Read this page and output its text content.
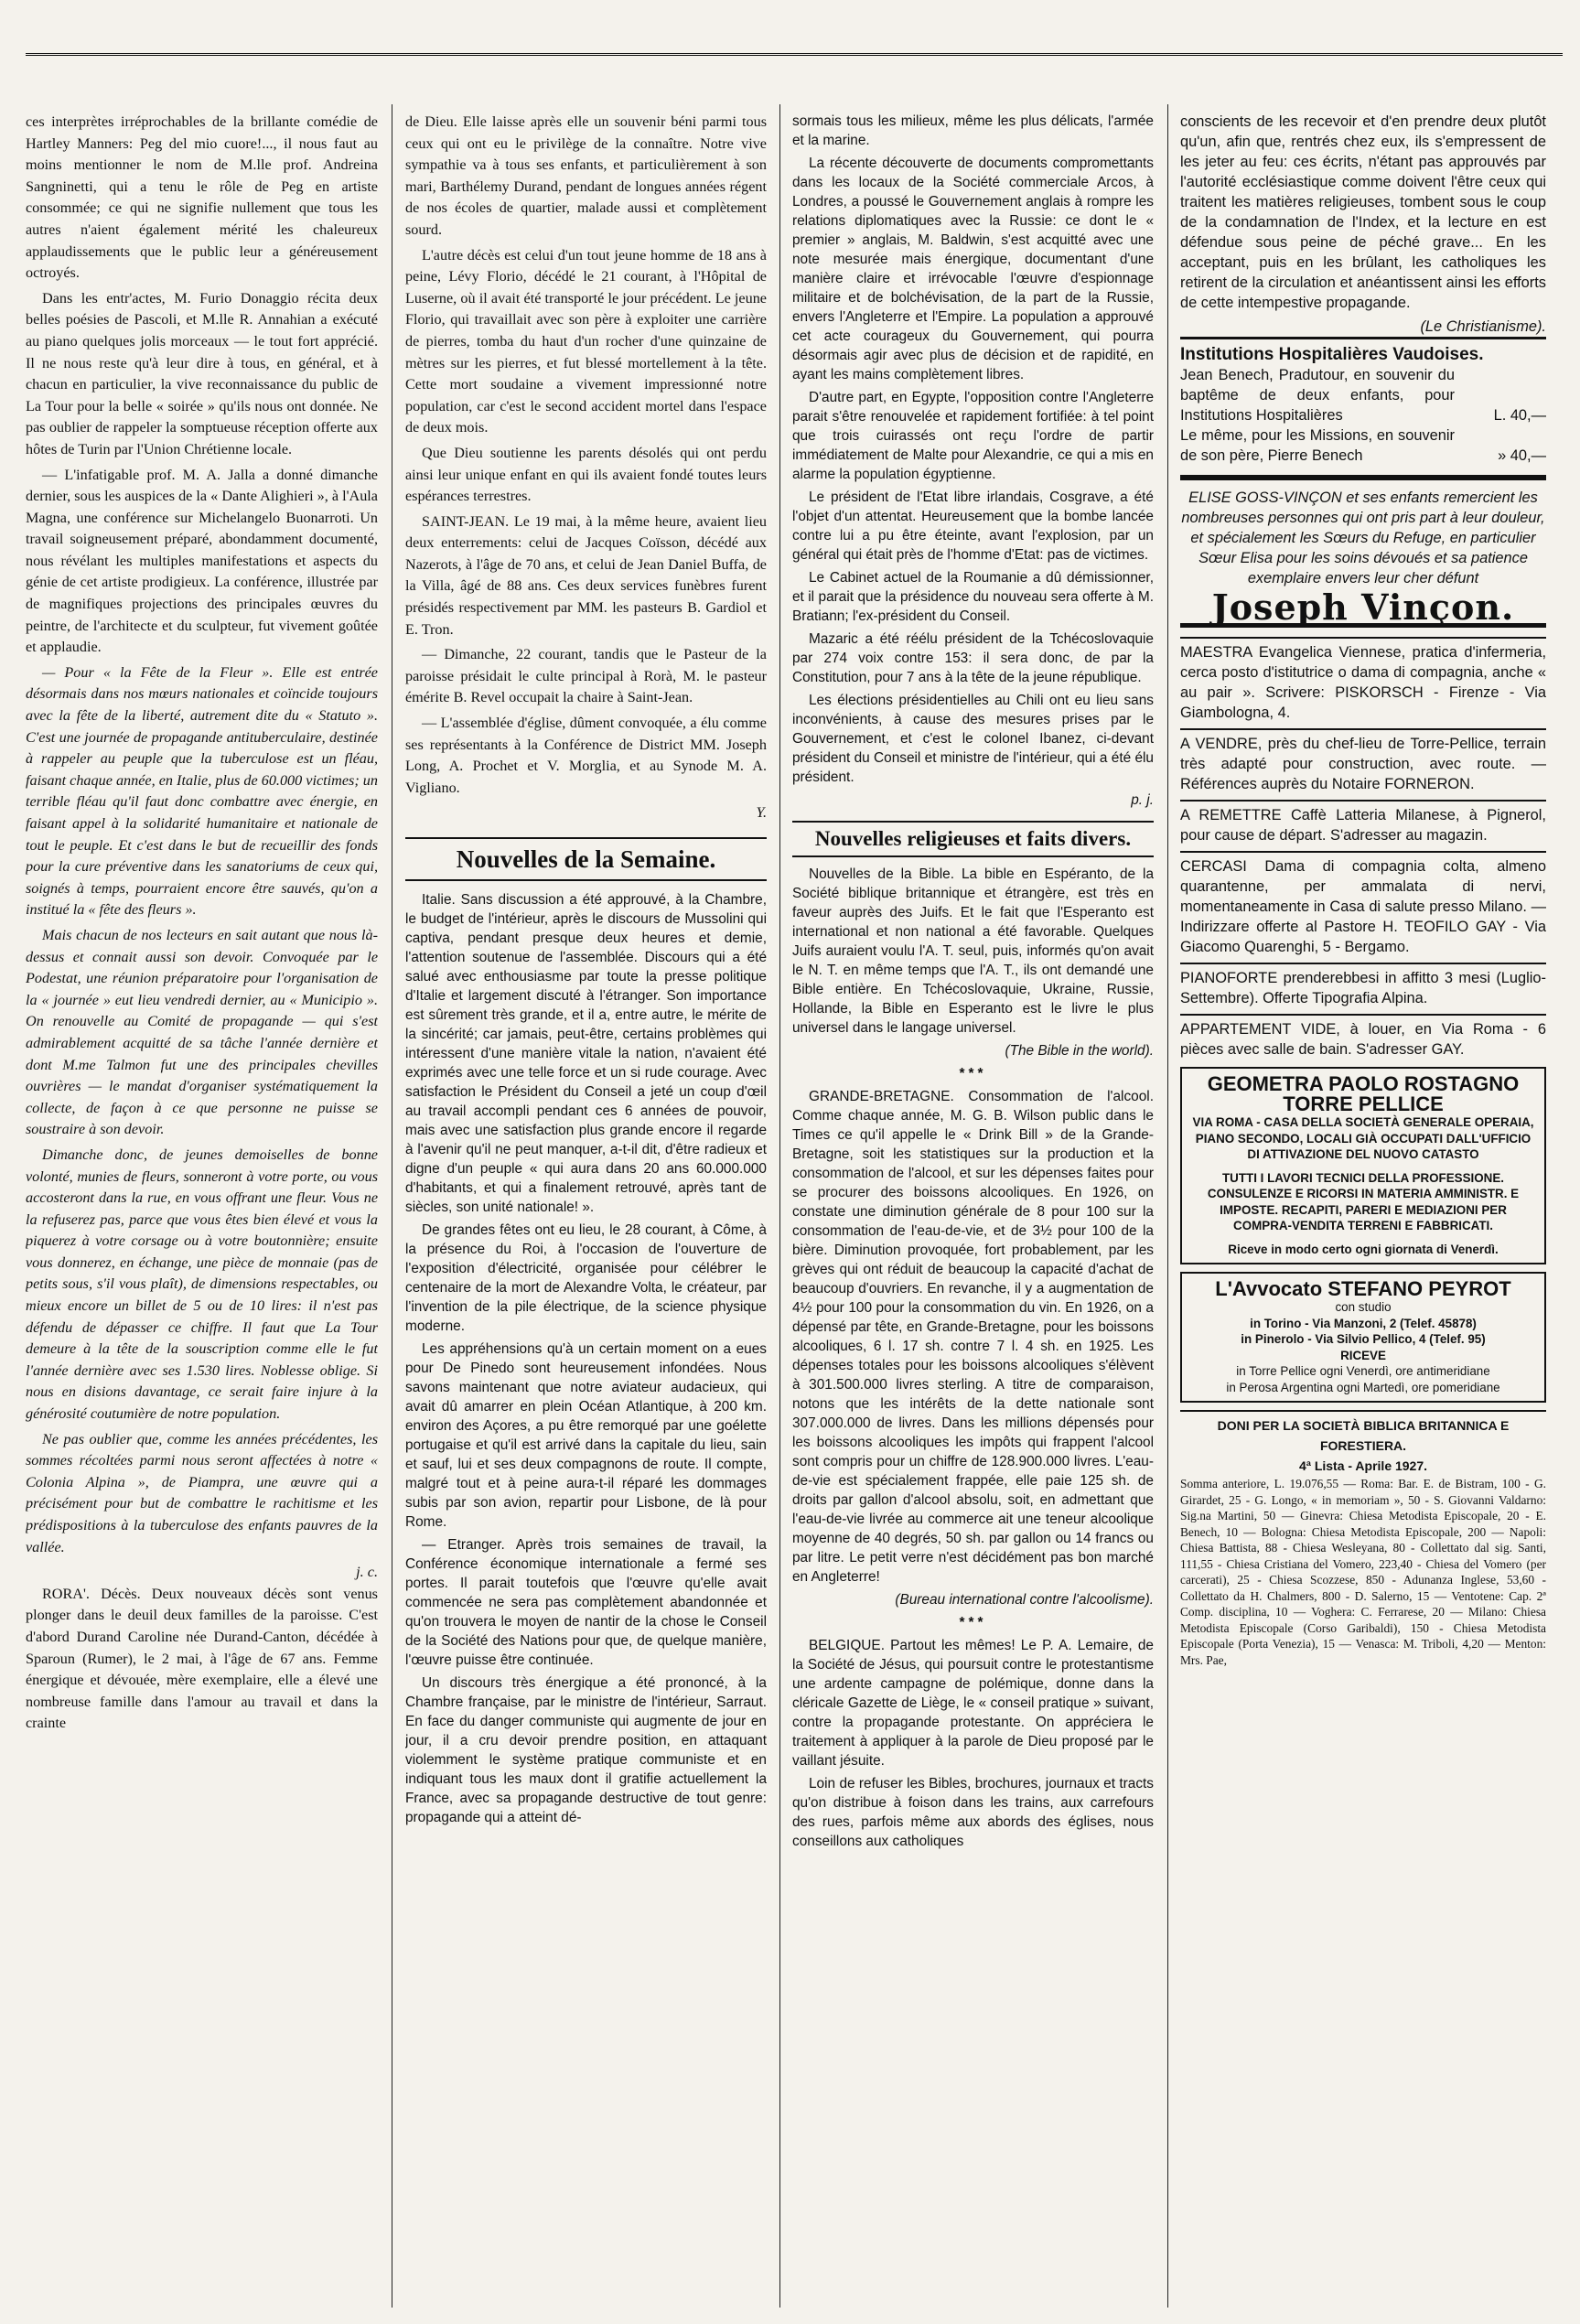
ces interprètes irréprochables de la brillante comédie de Hartley Manners: Peg del mio cuore!..., il nous faut au moins mentionner le nom de M.lle prof. Andreina Sangninetti, qui a tenu le rôle de Peg en artiste consommée; ce qui ne signifie nullement que tous les autres n'aient également mérité les chaleureux applaudissements que le public leur a généreusement octroyés.

Dans les entr'actes, M. Furio Donaggio récita deux belles poésies de Pascoli, et M.lle R. Annahian a exécuté au piano quelques jolis morceaux — le tout fort apprécié. Il ne nous reste qu'à leur dire à tous, en général, et à chacun en particulier, la vive reconnaissance du public de La Tour pour la belle « soirée » qu'ils nous ont donnée. Ne pas oublier de rappeler la somptueuse réception offerte aux hôtes de Turin par l'Union Chrétienne locale.

— L'infatigable prof. M. A. Jalla a donné dimanche dernier, sous les auspices de la « Dante Alighieri », à l'Aula Magna, une conférence sur Michelangelo Buonarroti. Un travail soigneusement préparé, abondamment documenté, nous révélant les multiples manifestations et aspects du génie de cet artiste prodigieux. La conférence, illustrée par de magnifiques projections des principales œuvres du peintre, de l'architecte et du sculpteur, fut vivement goûtée et applaudie.

— Pour « la Fête de la Fleur ». Elle est entrée désormais dans nos mœurs nationales et coïncide toujours avec la fête de la liberté, autrement dite du « Statuto ». C'est une journée de propagande antituberculaire, destinée à rappeler au peuple que la tuberculose est un fléau, faisant chaque année, en Italie, plus de 60.000 victimes; un terrible fléau qu'il faut donc combattre avec énergie, en faisant appel à la solidarité humanitaire et nationale de tout le peuple. Et c'est dans le but de recueillir des fonds pour la cure préventive dans les sanatoriums de ceux qui, soignés à temps, pourraient encore être sauvés, qu'on a institué la « fête des fleurs ».

Mais chacun de nos lecteurs en sait autant que nous là-dessus et connait aussi son devoir. Convoquée par le Podestat, une réunion préparatoire pour l'organisation de la « journée » eut lieu vendredi dernier, au « Municipio ». On renouvelle au Comité de propagande — qui s'est admirablement acquitté de sa tâche l'année dernière et dont M.me Talmon fut une des principales chevilles ouvrières — le mandat d'organiser systématiquement la collecte, de façon à ce que personne ne puisse se soustraire à son devoir.

Dimanche donc, de jeunes demoiselles de bonne volonté, munies de fleurs, sonneront à votre porte, ou vous accosteront dans la rue, en vous offrant une fleur. Vous ne la refuserez pas, parce que vous êtes bien élevé et vous la piquerez à votre corsage ou à votre boutonnière; ensuite vous donnerez, en échange, une pièce de monnaie (pas de petits sous, s'il vous plaît), de dimensions respectables, ou mieux encore un billet de 5 ou de 10 lires: il n'est pas défendu de dépasser ce chiffre. Il faut que La Tour demeure à la tête de la souscription comme elle le fut l'année dernière avec ses 1.530 lires. Noblesse oblige. Si nous en disions davantage, ce serait faire injure à la générosité coutumière de notre population.

Ne pas oublier que, comme les années précédentes, les sommes récoltées parmi nous seront affectées à notre « Colonia Alpina », de Piampra, une œuvre qui a précisément pour but de combattre le rachitisme et les prédispositions à la tuberculose des enfants pauvres de la vallée.

j. c.

RORA'. Décès. Deux nouveaux décès sont venus plonger dans le deuil deux familles de la paroisse. C'est d'abord Durand Caroline née Durand-Canton, décédée à Sparoun (Rumer), le 2 mai, à l'âge de 67 ans. Femme énergique et dévouée, mère exemplaire, elle a élevé une nombreuse famille dans l'amour au travail et dans la crainte

de Dieu. Elle laisse après elle un souvenir béni parmi tous ceux qui ont eu le privilège de la connaître. Notre vive sympathie va à tous ses enfants, et particulièrement à son mari, Barthélemy Durand, pendant de longues années régent de nos écoles de quartier, malade aussi et complètement sourd.

L'autre décès est celui d'un tout jeune homme de 18 ans à peine, Lévy Florio, décédé le 21 courant, à l'Hôpital de Luserne, où il avait été transporté le jour précédent. Le jeune Florio, qui travaillait avec son père à exploiter une carrière de pierres, tomba du haut d'un rocher d'une quinzaine de mètres sur les pierres, et fut blessé mortellement à la tête. Cette mort soudaine a vivement impressionné notre population, car c'est le second accident mortel dans l'espace de deux mois.

Que Dieu soutienne les parents désolés qui ont perdu ainsi leur unique enfant en qui ils avaient fondé toutes leurs espérances terrestres.

SAINT-JEAN. Le 19 mai, à la même heure, avaient lieu deux enterrements: celui de Jacques Coïsson, décédé aux Nazerots, à l'âge de 70 ans, et celui de Jean Daniel Buffa, de la Villa, âgé de 88 ans. Ces deux services funèbres furent présidés respectivement par MM. les pasteurs B. Gardiol et E. Tron.

— Dimanche, 22 courant, tandis que le Pasteur de la paroisse présidait le culte principal à Rorà, M. le pasteur émérite B. Revel occupait la chaire à Saint-Jean.

— L'assemblée d'église, dûment convoquée, a élu comme ses représentants à la Conférence de District MM. Joseph Long, A. Prochet et V. Morglia, et au Synode M. A. Vigliano.

Y.
Nouvelles de la Semaine.

Italie. Sans discussion a été approuvé, à la Chambre, le budget de l'intérieur, après le discours de Mussolini qui captiva, pendant presque deux heures et demie, l'attention soutenue de l'assemblée. Discours qui a été salué avec enthousiasme par toute la presse politique d'Italie et largement discuté à l'étranger. Son importance est sûrement très grande, et il a, entre autre, le mérite de la sincérité; car jamais, peut-être, certains problèmes qui intéressent d'une manière vitale la nation, n'avaient été exprimés avec une telle force et un si rude courage. Avec satisfaction le Président du Conseil a jeté un coup d'œil au travail accompli pendant ces 6 années de pouvoir, mais avec une satisfaction plus grande encore il regarde à l'avenir qu'il ne peut manquer, a-t-il dit, d'être radieux et digne d'un peuple « qui aura dans 20 ans 60.000.000 d'habitants, et qui a finalement retrouvé, après tant de siècles, son unité nationale! ».

De grandes fêtes ont eu lieu, le 28 courant, à Côme, à la présence du Roi, à l'occasion de l'ouverture de l'exposition d'électricité, organisée pour célébrer le centenaire de la mort de Alexandre Volta, le créateur, par l'invention de la pile électrique, de la science physique moderne.

Les appréhensions qu'à un certain moment on a eues pour De Pinedo sont heureusement infondées. Nous savons maintenant que notre aviateur audacieux, qui avait dû amarrer en plein Océan Atlantique, à 200 km. environ des Açores, a pu être remorqué par une goélette portugaise et qu'il est arrivé dans la capitale du lieu, sain et sauf, lui et ses deux compagnons de route. Il compte, malgré tout et à peine aura-t-il réparé les dommages subis par son avion, repartir pour Lisbone, de là pour Rome.

— Etranger. Après trois semaines de travail, la Conférence économique internationale a fermé ses portes. Il parait toutefois que l'œuvre qu'elle avait commencée ne sera pas complètement abandonnée et qu'on trouvera le moyen de nantir de la chose le Conseil de la Société des Nations pour que, de quelque manière, l'œuvre puisse être continuée.

Un discours très énergique a été prononcé, à la Chambre française, par le ministre de l'intérieur, Sarraut. En face du danger communiste qui augmente de jour en jour, il a cru devoir prendre position, en attaquant violemment le système pratique communiste et en indiquant tous les maux dont il gratifie actuellement la France, avec sa propagande destructive de tout genre: propagande qui a atteint dé-

sormais tous les milieux, même les plus délicats, l'armée et la marine.

La récente découverte de documents compromettants dans les locaux de la Société commerciale Arcos, à Londres, a poussé le Gouvernement anglais à rompre les relations diplomatiques avec la Russie: ce dont le « premier » anglais, M. Baldwin, s'est acquitté avec une note mesurée mais énergique, documentant d'une manière claire et irrévocable l'œuvre d'espionnage militaire et de bolchévisation, de la part de la Russie, envers l'Angleterre et l'Empire. La population a approuvé cet acte courageux du Gouvernement, qui pourra désormais agir avec plus de décision et de rapidité, en ayant les mains complètement libres.

D'autre part, en Egypte, l'opposition contre l'Angleterre parait s'être renouvelée et rapidement fortifiée: à tel point que trois cuirassés ont reçu l'ordre de partir immédiatement de Malte pour Alexandrie, ce qui a mis en alarme la population égyptienne.

Le président de l'Etat libre irlandais, Cosgrave, a été l'objet d'un attentat. Heureusement que la bombe lancée contre lui a pu être éteinte, avant l'explosion, par un général qui était près de l'homme d'Etat: pas de victimes.

Le Cabinet actuel de la Roumanie a dû démissionner, et il parait que la présidence du nouveau sera offerte à M. Bratiann; l'ex-président du Conseil.

Mazaric a été réélu président de la Tchécoslovaquie par 274 voix contre 153: il sera donc, de par la Constitution, pour 7 ans à la tête de la jeune république.

Les élections présidentielles au Chili ont eu lieu sans inconvénients, à cause des mesures prises par le Gouvernement, et c'est le colonel Ibanez, ci-devant président du Conseil et ministre de l'intérieur, qui a été élu président.

p. j.
Nouvelles religieuses et faits divers.

Nouvelles de la Bible. La bible en Espéranto, de la Société biblique britannique et étrangère, est très en faveur auprès des Juifs. Et le fait que l'Esperanto est international et non national a été favorable. Quelques Juifs auraient voulu l'A. T. seul, puis, informés qu'on avait le N. T. en même temps que l'A. T., ils ont demandé une Bible entière. En Tchécoslovaquie, Ukraine, Russie, Hollande, la Bible en Esperanto est le livre le plus universel dans le langage universel.

(The Bible in the world).
***

GRANDE-BRETAGNE. Consommation de l'alcool. Comme chaque année, M. G. B. Wilson public dans le Times ce qu'il appelle le « Drink Bill » de la Grande-Bretagne, soit les statistiques sur la production et la consommation de l'alcool, et sur les dépenses faites pour se procurer des boissons alcooliques. En 1926, on constate une diminution générale de 8 pour 100 sur la consommation de l'eau-de-vie, et de 3½ pour 100 de la bière. Diminution provoquée, fort probablement, par les grèves qui ont réduit de beaucoup la capacité d'achat de beaucoup d'ouvriers. En revanche, il y a augmentation de 4½ pour 100 pour la consommation du vin. En 1926, on a dépensé par tête, en Grande-Bretagne, pour les boissons alcooliques, 6 l. 17 sh. contre 7 l. 4 sh. en 1925. Les dépenses totales pour les boissons alcooliques s'élèvent à 301.500.000 livres sterling. A titre de comparaison, notons que les intérêts de la dette nationale sont 307.000.000 de livres. Dans les millions dépensés pour les boissons alcooliques les impôts qui frappent l'alcool sont compris pour un chiffre de 128.900.000 livres. L'eau-de-vie est spécialement frappée, elle paie 125 sh. de droits par gallon d'alcool absolu, soit, en admettant que l'eau-de-vie livrée au commerce ait une teneur alcoolique moyenne de 40 degrés, 50 sh. par gallon ou 14 francs ou par litre. Le petit verre n'est décidément pas bon marché en Angleterre!

(Bureau international contre l'alcoolisme).
***

BELGIQUE. Partout les mêmes! Le P. A. Lemaire, de la Société de Jésus, qui poursuit contre le protestantisme une ardente campagne de polémique, donne dans la cléricale Gazette de Liège, le « conseil pratique » suivant, contre la propagande protestante. On appréciera le traitement à appliquer à la parole de Dieu proposé par le vaillant jésuite.

Loin de refuser les Bibles, brochures, journaux et tracts qu'on distribue à foison dans les trains, aux carrefours des rues, parfois même aux abords des églises, nous conseillons aux catholiques

conscients de les recevoir et d'en prendre deux plutôt qu'un, afin que, rentrés chez eux, ils s'empressent de les jeter au feu: ces écrits, n'étant pas approuvés par l'autorité ecclésiastique comme doivent l'être ceux qui traitent les matières religieuses, tombent sous le coup de la condamnation de l'Index, et la lecture en est défendue sous peine de péché grave... En les acceptant, puis en les brûlant, les catholiques les retirent de la circulation et anéantissent ainsi les efforts de cette intempestive propagande.

(Le Christianisme).
Institutions Hospitalières Vaudoises.
Jean Benech, Pradutour, en souvenir du baptême de deux enfants, pour Institutions Hospitalières	L. 40,—
Le même, pour les Missions, en souvenir de son père, Pierre Benech	» 40,—
ELISE GOSS-VINÇON et ses enfants remercient les nombreuses personnes qui ont pris part à leur douleur, et spécialement les Sœurs du Refuge, en particulier Sœur Elisa pour les soins dévoués et sa patience exemplaire envers leur cher défunt
Joseph Vinçon.
MAESTRA Evangelica Viennese, pratica d'infermeria, cerca posto d'istitutrice o dama di compagnia, anche « au pair ». Scrivere: PISKORSCH - Firenze - Via Giambologna, 4.
A VENDRE, près du chef-lieu de Torre-Pellice, terrain très adapté pour construction, avec route. — Références auprès du Notaire FORNERON.
A REMETTRE Caffè Latteria Milanese, à Pignerol, pour cause de départ. S'adresser au magazin.
CERCASI Dama di compagnia colta, almeno quarantenne, per ammalata di nervi, momentaneamente in Casa di salute presso Milano. — Indirizzare offerte al Pastore H. TEOFILO GAY - Via Giacomo Quarenghi, 5 - Bergamo.
PIANOFORTE prenderebbesi in affitto 3 mesi (Luglio-Settembre). Offerte Tipografia Alpina.
APPARTEMENT VIDE, à louer, en Via Roma - 6 pièces avec salle de bain. S'adresser GAY.
GEOMETRA PAOLO ROSTAGNO
TORRE PELLICE
VIA ROMA - CASA DELLA SOCIETÀ GENERALE OPERAIA, PIANO SECONDO, LOCALI GIÀ OCCUPATI DALL'UFFICIO DI ATTIVAZIONE DEL NUOVO CATASTO
TUTTI I LAVORI TECNICI DELLA PROFESSIONE. CONSULENZE E RICORSI IN MATERIA AMMINISTR. E IMPOSTE. RECAPITI, PARERI E MEDIAZIONI PER COMPRA-VENDITA TERRENI E FABBRICATI.
Riceve in modo certo ogni giornata di Venerdì.
L'Avvocato STEFANO PEYROT
con studio
in Torino - Via Manzoni, 2 (Telef. 45878)
in Pinerolo - Via Silvio Pellico, 4 (Telef. 95)
RICEVE
in Torre Pellice ogni Venerdì, ore antimeridiane
in Perosa Argentina ogni Martedì, ore pomeridiane
DONI PER LA SOCIETÀ BIBLICA BRITANNICA E FORESTIERA.
4ª Lista - Aprile 1927.
Somma anteriore, L. 19.076,55 — Roma: Bar. E. de Bistram, 100 - G. Girardet, 25 - G. Longo, « in memoriam », 50 - S. Giovanni Valdarno: Sig.na Martini, 50 — Ginevra: Chiesa Metodista Episcopale, 20 - E. Benech, 10 — Bologna: Chiesa Metodista Episcopale, 200 — Napoli: Chiesa Battista, 88 - Chiesa Wesleyana, 80 - Collettato dal sig. Santi, 111,55 - Chiesa Cristiana del Vomero, 223,40 - Chiesa del Vomero (per carcerati), 25 - Chiesa Scozzese, 850 - Adunanza Inglese, 53,60 - Collettato da H. Chalmers, 800 - D. Salerno, 15 — Ventotene: Cap. 2ª Comp. disciplina, 10 — Voghera: C. Ferrarese, 20 — Milano: Chiesa Metodista Episcopale (Corso Garibaldi), 150 - Chiesa Metodista Episcopale (Porta Venezia), 15 — Venasca: M. Triboli, 4,20 — Menton: Mrs. Pae,
